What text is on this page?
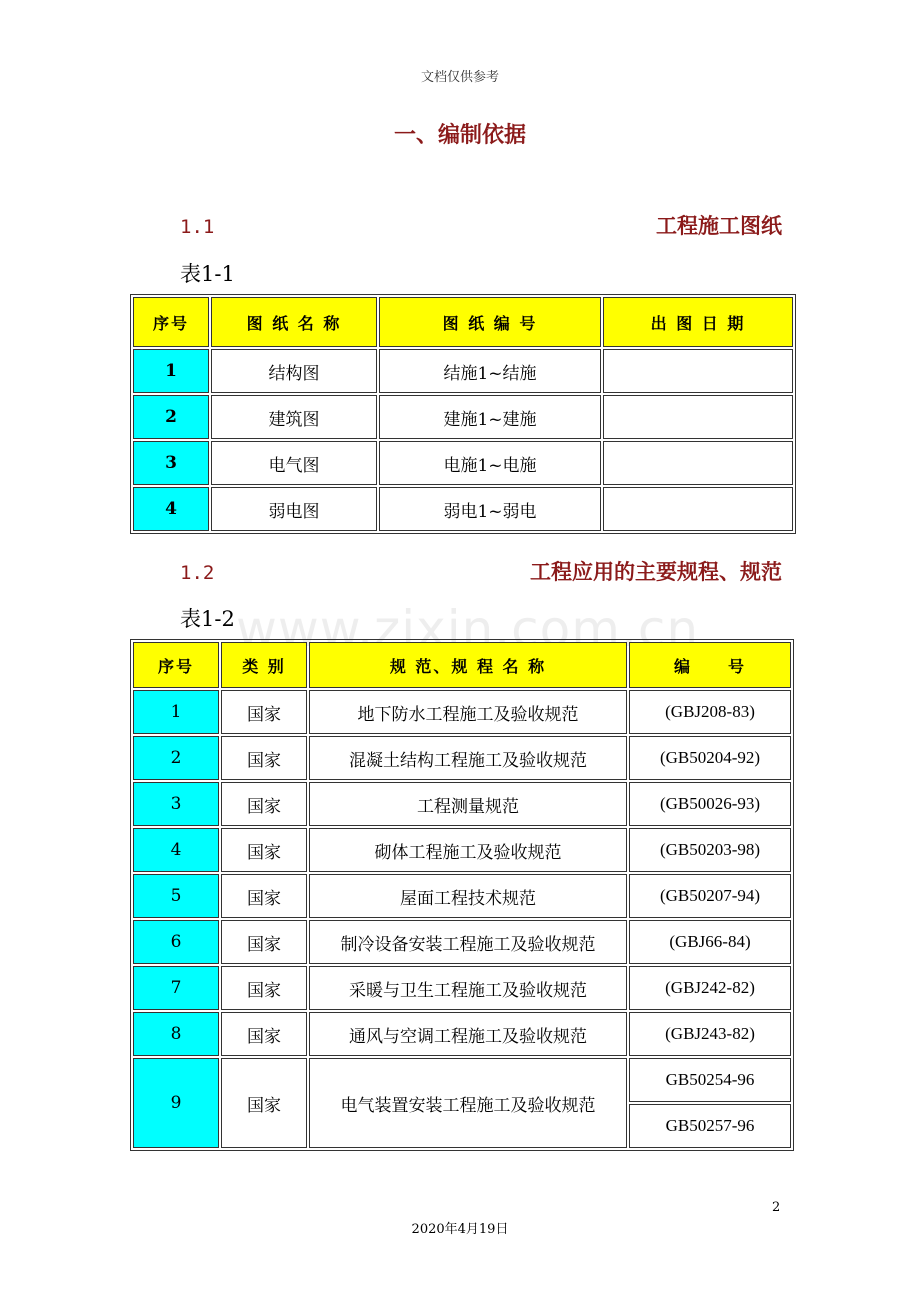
文档仅供参考
一、编制依据
1.1	工程施工图纸
表1-1
序号	图 纸 名 称	图 纸 编 号	出 图 日 期
1	结构图	结施1~结施	
2	建筑图	建施1~建施	
3	电气图	电施1~电施	
4	弱电图	弱电1~弱电	
1.2	工程应用的主要规程、规范
表1-2 www.zixin.com.cn
序号	类 别	规 范、规 程 名 称	编　　号
1	国家	地下防水工程施工及验收规范	(GBJ208-83)
2	国家	混凝土结构工程施工及验收规范	(GB50204-92)
3	国家	工程测量规范	(GB50026-93)
4	国家	砌体工程施工及验收规范	(GB50203-98)
5	国家	屋面工程技术规范	(GB50207-94)
6	国家	制冷设备安装工程施工及验收规范	(GBJ66-84)
7	国家	采暖与卫生工程施工及验收规范	(GBJ242-82)
8	国家	通风与空调工程施工及验收规范	(GBJ243-82)
9	国家	电气装置安装工程施工及验收规范	GB50254-96
			GB50257-96
2
2020年4月19日
